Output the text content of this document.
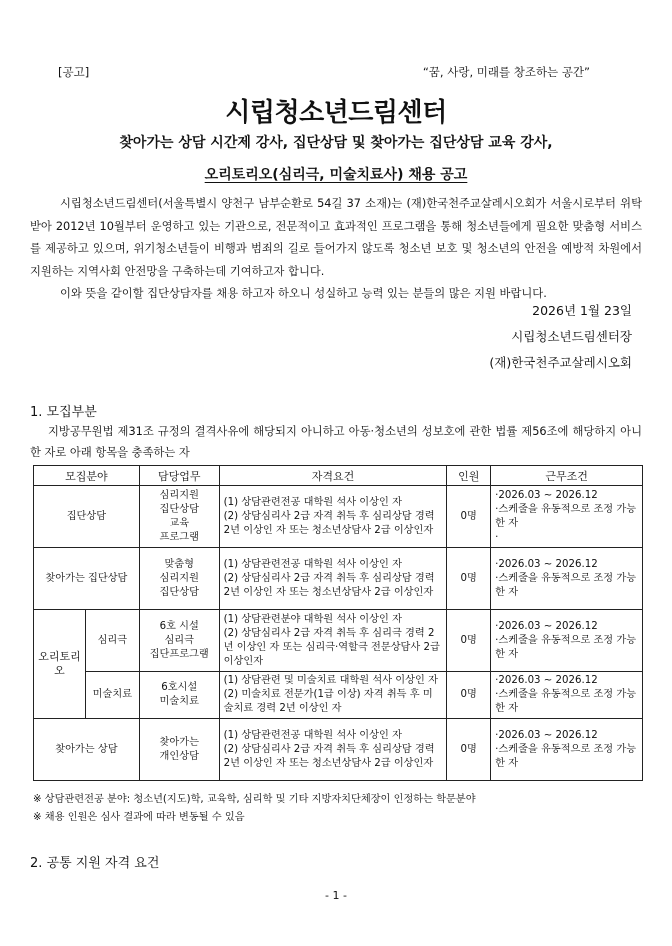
[공고]	“꿈, 사랑, 미래를 창조하는 공간”
시립청소년드림센터
찾아가는 상담 시간제 강사, 집단상담 및 찾아가는 집단상담 교육 강사,
오리토리오(심리극, 미술치료사) 채용 공고

시립청소년드림센터(서울특별시 양천구 남부순환로 54길 37 소재)는 (재)한국천주교살레시오회가 서울시로부터 위탁받아 2012년 10월부터 운영하고 있는 기관으로, 전문적이고 효과적인 프로그램을 통해 청소년들에게 필요한 맞춤형 서비스를 제공하고 있으며, 위기청소년들이 비행과 범죄의 길로 들어가지 않도록 청소년 보호 및 청소년의 안전을 예방적 차원에서 지원하는 지역사회 안전망을 구축하는데 기여하고자 합니다.

이와 뜻을 같이할 집단상담자를 채용 하고자 하오니 성실하고 능력 있는 분들의 많은 지원 바랍니다.

2026년 1월 23일
시립청소년드림센터장
(재)한국천주교살레시오회
1. 모집부분
지방공무원법 제31조 규정의 결격사유에 해당되지 아니하고 아동·청소년의 성보호에 관한 법률 제56조에 해당하지 아니한 자로 아래 항목을 충족하는 자
모집분야		담당업무	자격요건	인원	근무조건
집단상담		심리지원
집단상담
교육
프로그램	(1) 상담관련전공 대학원 석사 이상인 자
(2) 상담심리사 2급 자격 취득 후 심리상담 경력 2년 이상인 자 또는 청소년상담사 2급 이상인자	0명	·2026.03 ~ 2026.12
·스케줄을 유동적으로 조정 가능한 자
·

찾아가는 집단상담		맞춤형
심리지원
집단상담	(1) 상담관련전공 대학원 석사 이상인 자
(2) 상담심리사 2급 자격 취득 후 심리상담 경력 2년 이상인 자 또는 청소년상담사 2급 이상인자	0명	·2026.03 ~ 2026.12
·스케줄을 유동적으로 조정 가능한 자

오리토리오	심리극	6호 시설
심리극
집단프로그램	(1) 상담관련분야 대학원 석사 이상인 자
(2) 상담심리사 2급 자격 취득 후 심리극 경력 2년 이상인 자 또는 심리극·역할극 전문상담사 2급 이상인자	0명	·2026.03 ~ 2026.12
·스케줄을 유동적으로 조정 가능한 자

	미술치료	6호시설
미술치료	(1) 상담관련 및 미술치료 대학원 석사 이상인 자
(2) 미술치료 전문가(1급 이상) 자격 취득 후 미술치료 경력 2년 이상인 자	0명	·2026.03 ~ 2026.12
·스케줄을 유동적으로 조정 가능한 자

찾아가는 상담		찾아가는
개인상담	(1) 상담관련전공 대학원 석사 이상인 자
(2) 상담심리사 2급 자격 취득 후 심리상담 경력 2년 이상인 자 또는 청소년상담사 2급 이상인자	0명	·2026.03 ~ 2026.12
·스케줄을 유동적으로 조정 가능한 자
※ 상담관련전공 분야: 청소년(지도)학, 교육학, 심리학 및 기타 지방자치단체장이 인정하는 학문분야
※ 채용 인원은 심사 결과에 따라 변동될 수 있음
2. 공통 지원 자격 요건
- 1 -
